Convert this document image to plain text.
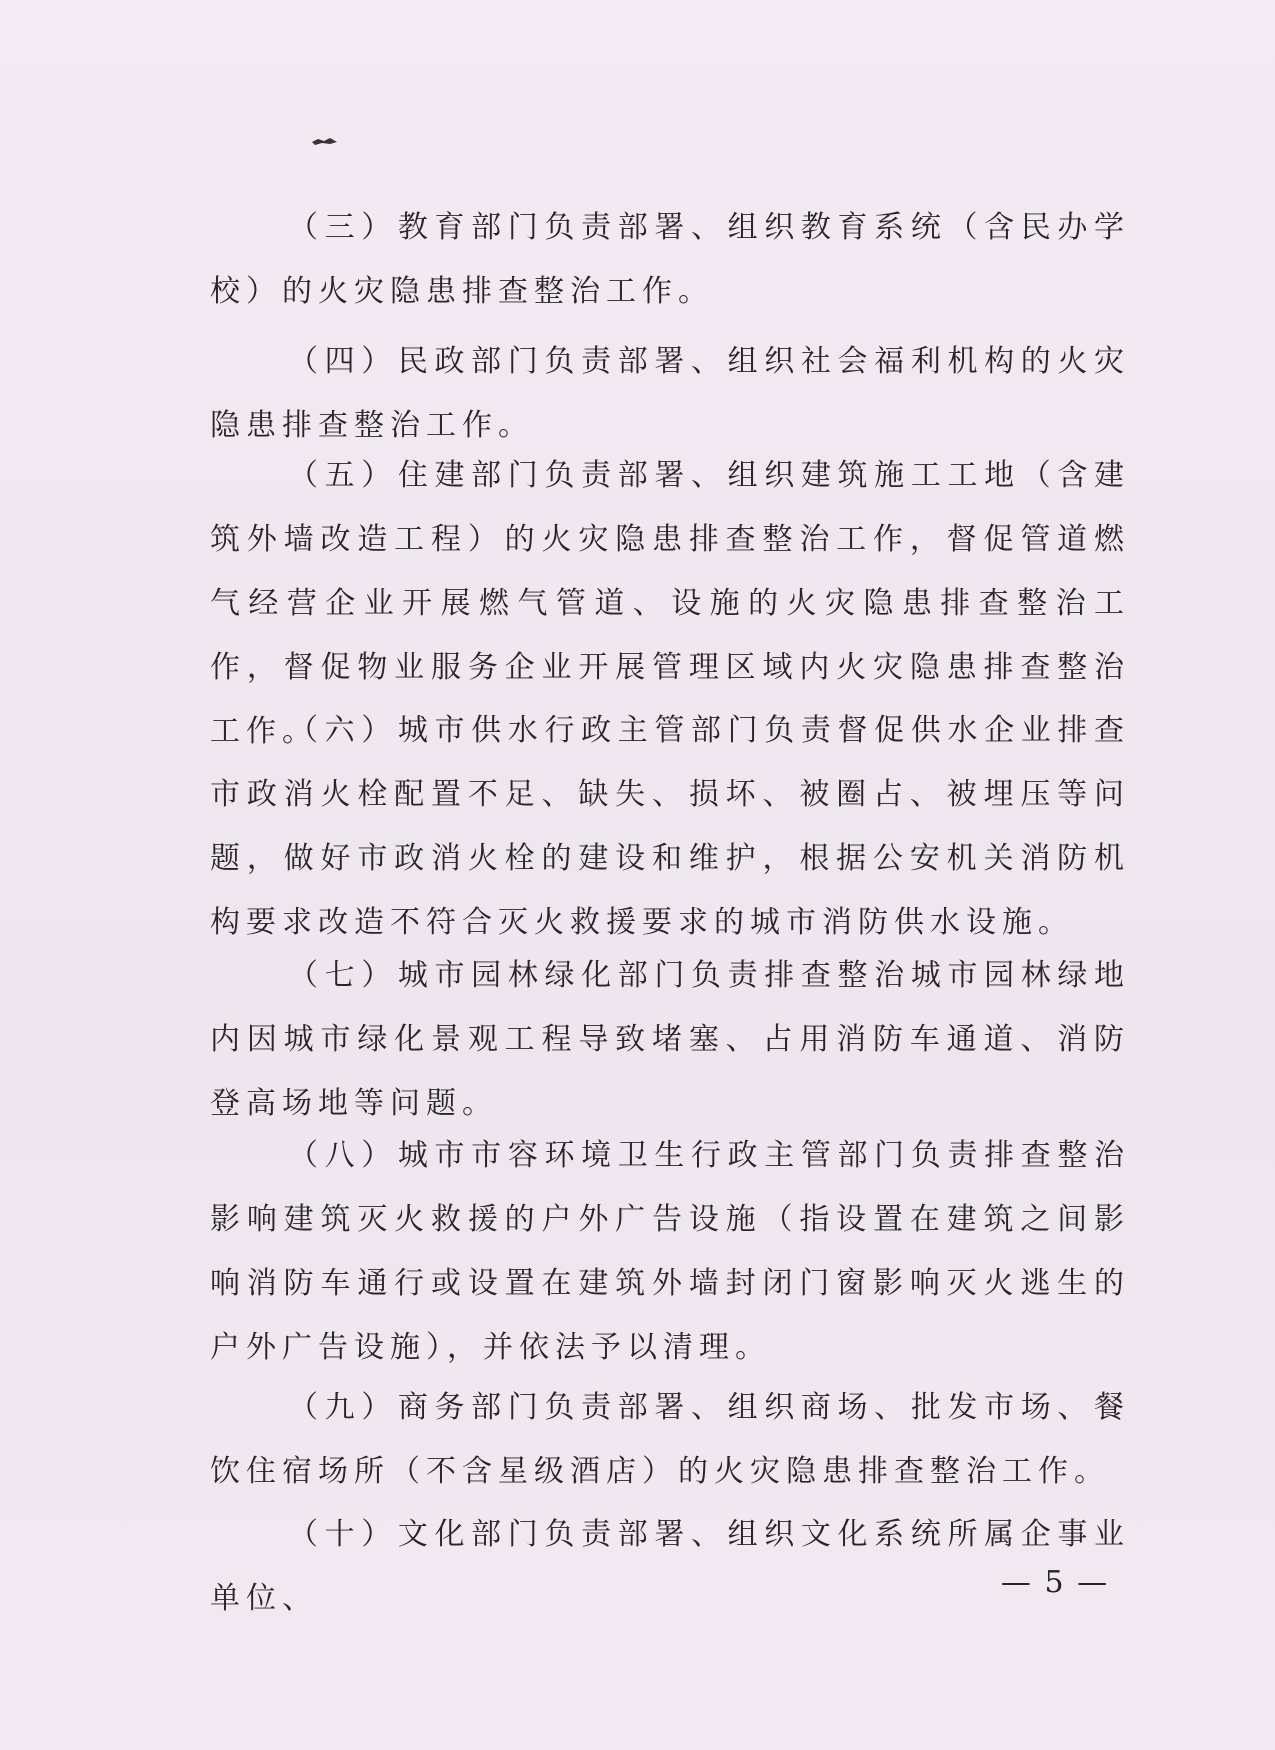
（三）教育部门负责部署、组织教育系统（含民办学校）的火灾隐患排查整治工作。

（四）民政部门负责部署、组织社会福利机构的火灾隐患排查整治工作。

（五）住建部门负责部署、组织建筑施工工地（含建筑外墙改造工程）的火灾隐患排查整治工作，督促管道燃气经营企业开展燃气管道、设施的火灾隐患排查整治工作，督促物业服务企业开展管理区域内火灾隐患排查整治工作。

（六）城市供水行政主管部门负责督促供水企业排查市政消火栓配置不足、缺失、损坏、被圈占、被埋压等问题，做好市政消火栓的建设和维护，根据公安机关消防机构要求改造不符合灭火救援要求的城市消防供水设施。

（七）城市园林绿化部门负责排查整治城市园林绿地内因城市绿化景观工程导致堵塞、占用消防车通道、消防登高场地等问题。

（八）城市市容环境卫生行政主管部门负责排查整治影响建筑灭火救援的户外广告设施（指设置在建筑之间影响消防车通行或设置在建筑外墙封闭门窗影响灭火逃生的户外广告设施），并依法予以清理。

（九）商务部门负责部署、组织商场、批发市场、餐饮住宿场所（不含星级酒店）的火灾隐患排查整治工作。

（十）文化部门负责部署、组织文化系统所属企事业单位、	— 5 —
